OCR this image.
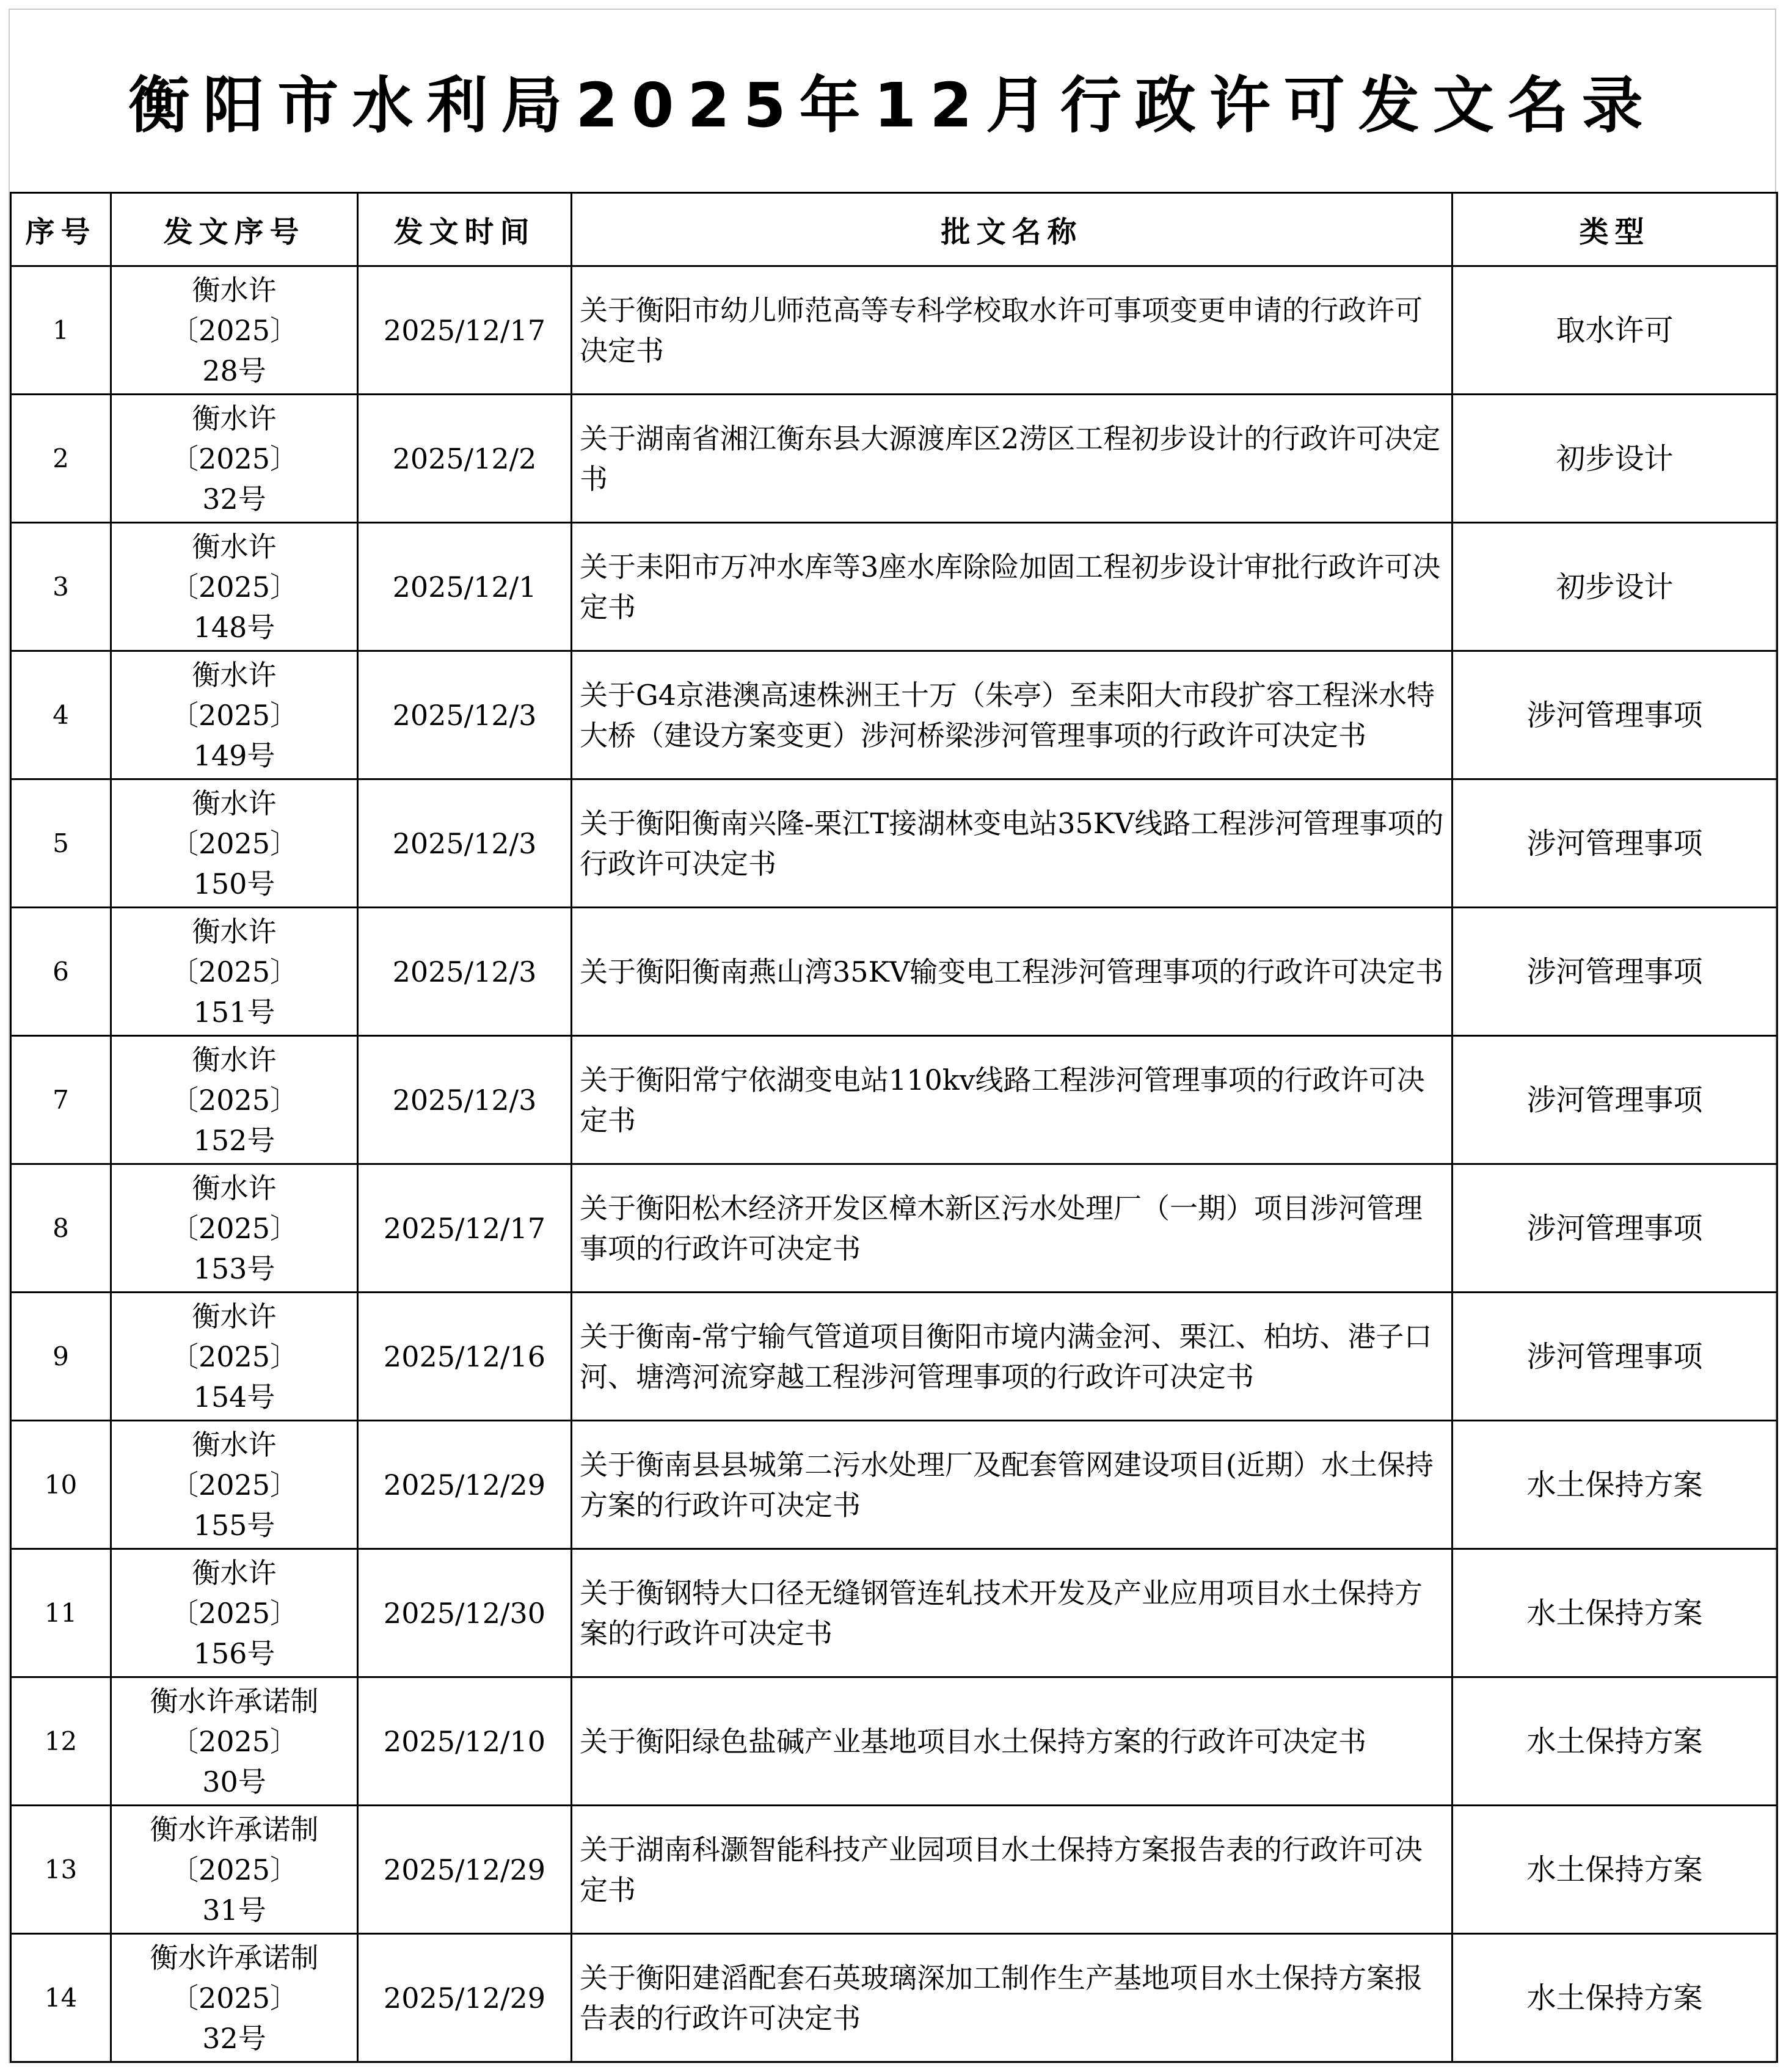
衡阳市水利局2025年12月行政许可发文名录
序号	发文序号	发文时间	批文名称	类型
1	衡水许
〔2025〕
28号	2025/12/17	关于衡阳市幼儿师范高等专科学校取水许可事项变更申请的行政许可决定书	取水许可
2	衡水许
〔2025〕
32号	2025/12/2	关于湖南省湘江衡东县大源渡库区2涝区工程初步设计的行政许可决定书	初步设计
3	衡水许
〔2025〕
148号	2025/12/1	关于耒阳市万冲水库等3座水库除险加固工程初步设计审批行政许可决定书	初步设计
4	衡水许
〔2025〕
149号	2025/12/3	关于G4京港澳高速株洲王十万（朱亭）至耒阳大市段扩容工程洣水特大桥（建设方案变更）涉河桥梁涉河管理事项的行政许可决定书	涉河管理事项
5	衡水许
〔2025〕
150号	2025/12/3	关于衡阳衡南兴隆-栗江T接湖林变电站35KV线路工程涉河管理事项的行政许可决定书	涉河管理事项
6	衡水许
〔2025〕
151号	2025/12/3	关于衡阳衡南燕山湾35KV输变电工程涉河管理事项的行政许可决定书	涉河管理事项
7	衡水许
〔2025〕
152号	2025/12/3	关于衡阳常宁依湖变电站110kv线路工程涉河管理事项的行政许可决定书	涉河管理事项
8	衡水许
〔2025〕
153号	2025/12/17	关于衡阳松木经济开发区樟木新区污水处理厂（一期）项目涉河管理事项的行政许可决定书	涉河管理事项
9	衡水许
〔2025〕
154号	2025/12/16	关于衡南-常宁输气管道项目衡阳市境内满金河、栗江、柏坊、港子口河、塘湾河流穿越工程涉河管理事项的行政许可决定书	涉河管理事项
10	衡水许
〔2025〕
155号	2025/12/29	关于衡南县县城第二污水处理厂及配套管网建设项目(近期）水土保持方案的行政许可决定书	水土保持方案
11	衡水许
〔2025〕
156号	2025/12/30	关于衡钢特大口径无缝钢管连轧技术开发及产业应用项目水土保持方案的行政许可决定书	水土保持方案
12	衡水许承诺制
〔2025〕
30号	2025/12/10	关于衡阳绿色盐碱产业基地项目水土保持方案的行政许可决定书	水土保持方案
13	衡水许承诺制
〔2025〕
31号	2025/12/29	关于湖南科灏智能科技产业园项目水土保持方案报告表的行政许可决定书	水土保持方案
14	衡水许承诺制
〔2025〕
32号	2025/12/29	关于衡阳建滔配套石英玻璃深加工制作生产基地项目水土保持方案报告表的行政许可决定书	水土保持方案
